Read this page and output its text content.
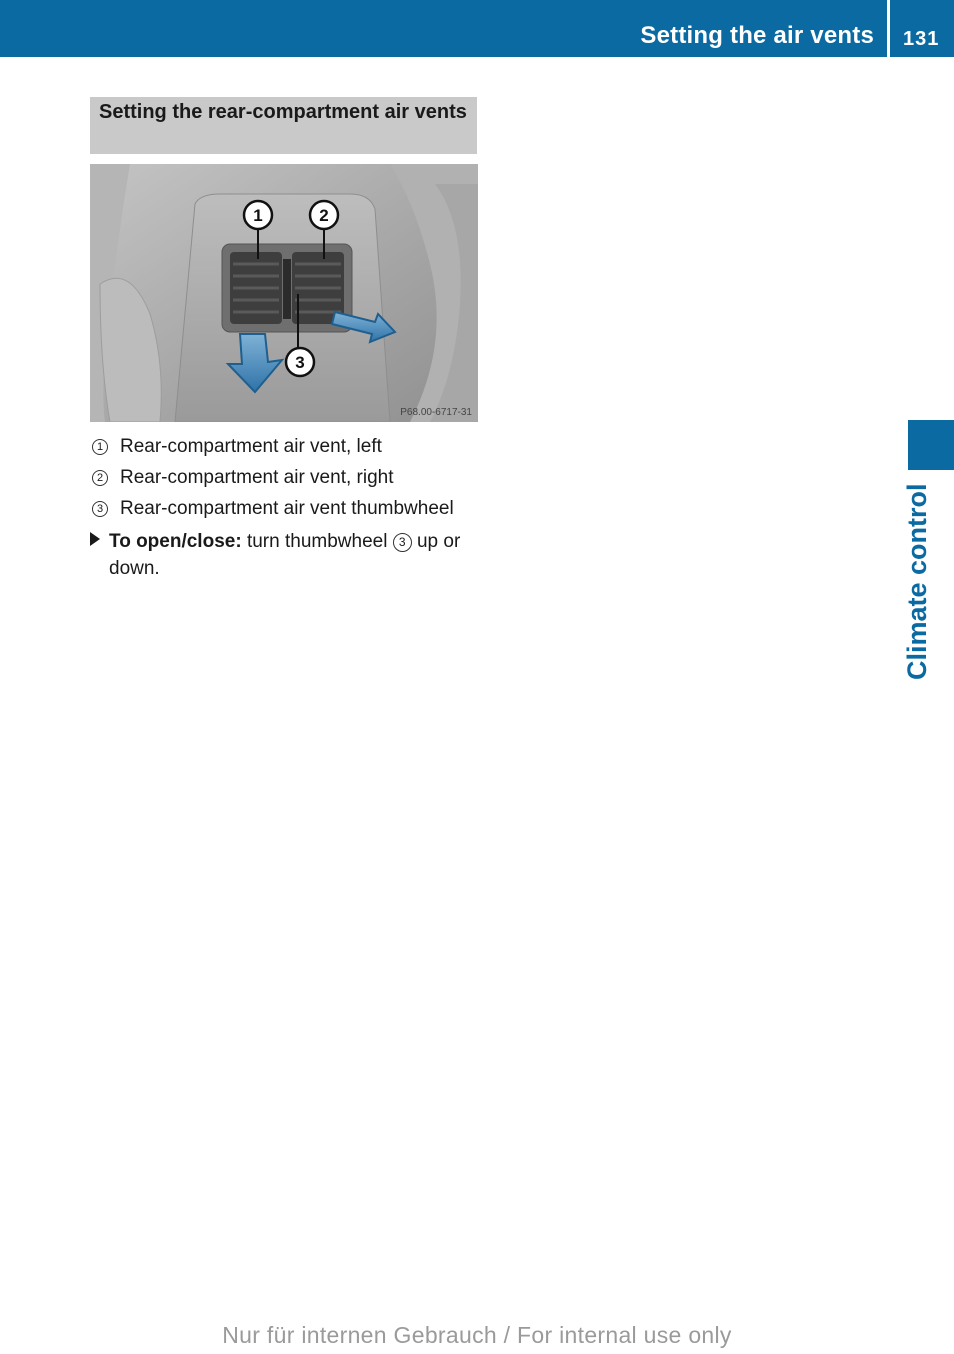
Setting the air vents 131
Climate control
Setting the rear-compartment air vents
1	2
3
P68.00-6717-31
1 Rear-compartment air vent, left
2 Rear-compartment air vent, right
3 Rear-compartment air vent thumbwheel
To open/close: turn thumbwheel 3 up or down.
Nur für internen Gebrauch / For internal use only
